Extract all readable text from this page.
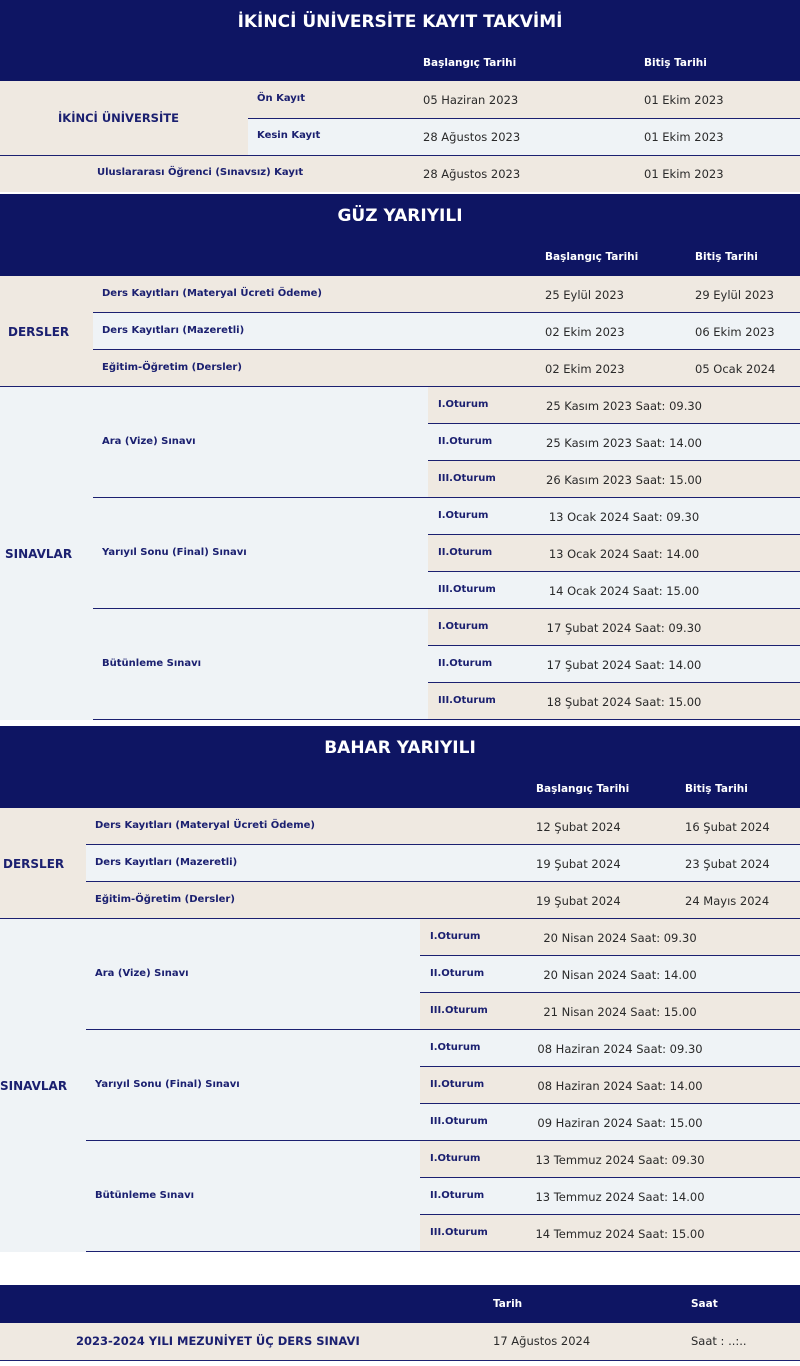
İKİNCİ ÜNİVERSİTE KAYIT TAKVİMİ
Başlangıç Tarihi	Bitiş Tarihi
İKİNCİ ÜNİVERSİTE
Ön Kayıt	05 Haziran 2023	01 Ekim 2023
Kesin Kayıt	28 Ağustos 2023	01 Ekim 2023
Uluslararası Öğrenci (Sınavsız) Kayıt	28 Ağustos 2023	01 Ekim 2023
GÜZ YARIYILI
Başlangıç Tarihi	Bitiş Tarihi
DERSLER
Ders Kayıtları (Materyal Ücreti Ödeme)	25 Eylül 2023	29 Eylül 2023
Ders Kayıtları (Mazeretli)	02 Ekim 2023	06 Ekim 2023
Eğitim-Öğretim (Dersler)	02 Ekim 2023	05 Ocak 2024
SINAVLAR
Ara (Vize) Sınavı
I.Oturum	25 Kasım 2023 Saat: 09.30
II.Oturum	25 Kasım 2023 Saat: 14.00
III.Oturum	26 Kasım 2023 Saat: 15.00
Yarıyıl Sonu (Final) Sınavı
I.Oturum	13 Ocak 2024 Saat: 09.30
II.Oturum	13 Ocak 2024 Saat: 14.00
III.Oturum	14 Ocak 2024 Saat: 15.00
Bütünleme Sınavı
I.Oturum	17 Şubat 2024 Saat: 09.30
II.Oturum	17 Şubat 2024 Saat: 14.00
III.Oturum	18 Şubat 2024 Saat: 15.00
BAHAR YARIYILI
Başlangıç Tarihi	Bitiş Tarihi
DERSLER
Ders Kayıtları (Materyal Ücreti Ödeme)	12 Şubat 2024	16 Şubat 2024
Ders Kayıtları (Mazeretli)	19 Şubat 2024	23 Şubat 2024
Eğitim-Öğretim (Dersler)	19 Şubat 2024	24 Mayıs 2024
SINAVLAR
Ara (Vize) Sınavı
I.Oturum	20 Nisan 2024 Saat: 09.30
II.Oturum	20 Nisan 2024 Saat: 14.00
III.Oturum	21 Nisan 2024 Saat: 15.00
Yarıyıl Sonu (Final) Sınavı
I.Oturum	08 Haziran 2024 Saat: 09.30
II.Oturum	08 Haziran 2024 Saat: 14.00
III.Oturum	09 Haziran 2024 Saat: 15.00
Bütünleme Sınavı
I.Oturum	13 Temmuz 2024 Saat: 09.30
II.Oturum	13 Temmuz 2024 Saat: 14.00
III.Oturum	14 Temmuz 2024 Saat: 15.00
Tarih	Saat
2023-2024 YILI MEZUNİYET ÜÇ DERS SINAVI	17 Ağustos 2024	Saat : ..:..
